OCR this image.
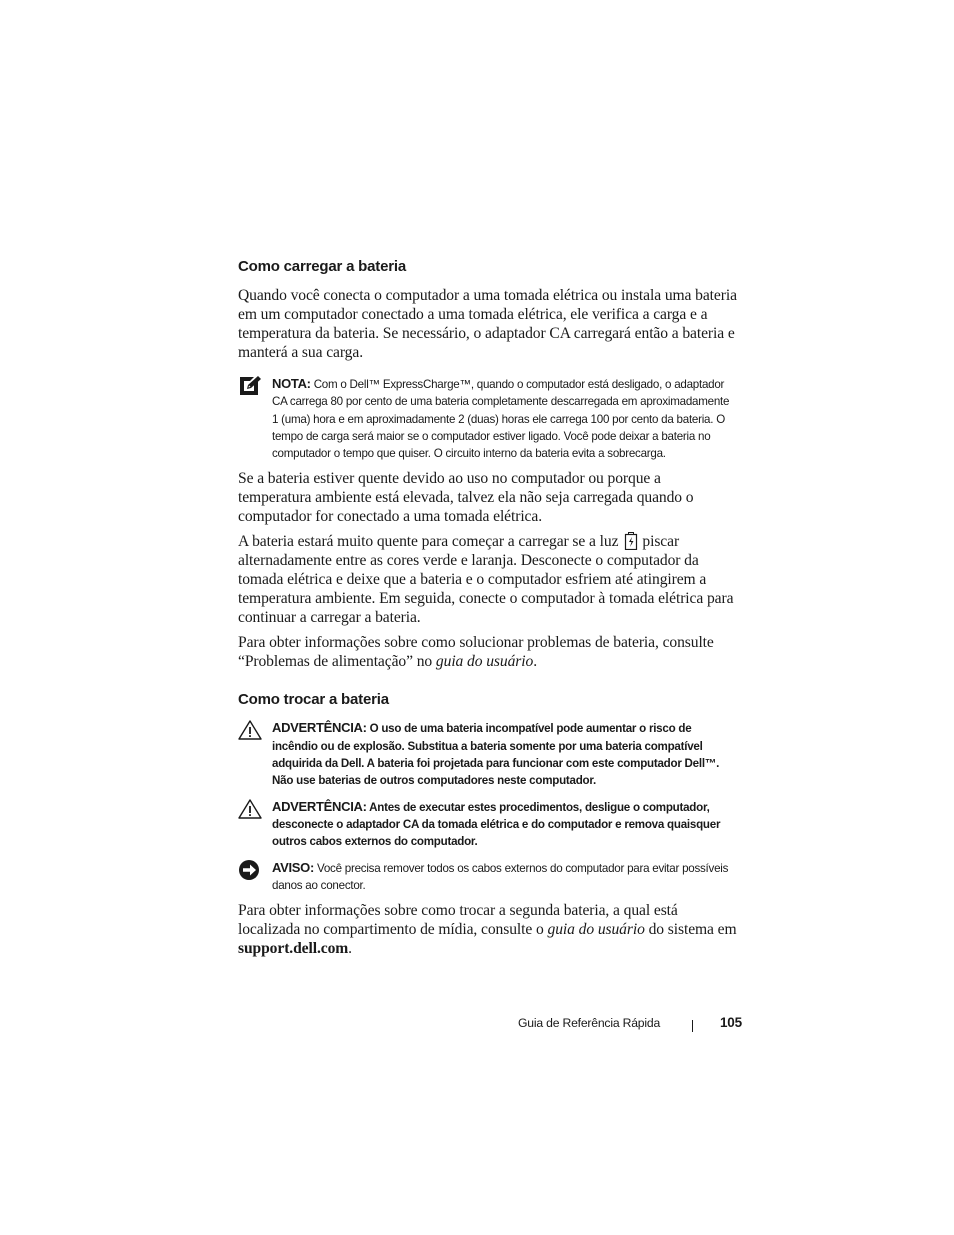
Como carregar a bateria

Quando você conecta o computador a uma tomada elétrica ou instala uma bateria em um computador conectado a uma tomada elétrica, ele verifica a carga e a temperatura da bateria. Se necessário, o adaptador CA carregará então a bateria e manterá a sua carga.

NOTA: Com o Dell™ ExpressCharge™, quando o computador está desligado, o adaptador CA carrega 80 por cento de uma bateria completamente descarregada em aproximadamente 1 (uma) hora e em aproximadamente 2 (duas) horas ele carrega 100 por cento da bateria. O tempo de carga será maior se o computador estiver ligado. Você pode deixar a bateria no computador o tempo que quiser. O circuito interno da bateria evita a sobrecarga.

Se a bateria estiver quente devido ao uso no computador ou porque a temperatura ambiente está elevada, talvez ela não seja carregada quando o computador for conectado a uma tomada elétrica.

A bateria estará muito quente para começar a carregar se a luz piscar alternadamente entre as cores verde e laranja. Desconecte o computador da tomada elétrica e deixe que a bateria e o computador esfriem até atingirem a temperatura ambiente. Em seguida, conecte o computador à tomada elétrica para continuar a carregar a bateria.

Para obter informações sobre como solucionar problemas de bateria, consulte “Problemas de alimentação” no guia do usuário.

Como trocar a bateria
ADVERTÊNCIA: O uso de uma bateria incompatível pode aumentar o risco de incêndio ou de explosão. Substitua a bateria somente por uma bateria compatível adquirida da Dell. A bateria foi projetada para funcionar com este computador Dell™. Não use baterias de outros computadores neste computador.
ADVERTÊNCIA: Antes de executar estes procedimentos, desligue o computador, desconecte o adaptador CA da tomada elétrica e do computador e remova quaisquer outros cabos externos do computador.
AVISO: Você precisa remover todos os cabos externos do computador para evitar possíveis danos ao conector.

Para obter informações sobre como trocar a segunda bateria, a qual está localizada no compartimento de mídia, consulte o guia do usuário do sistema em support.dell.com.

Guia de Referência Rápida	105
